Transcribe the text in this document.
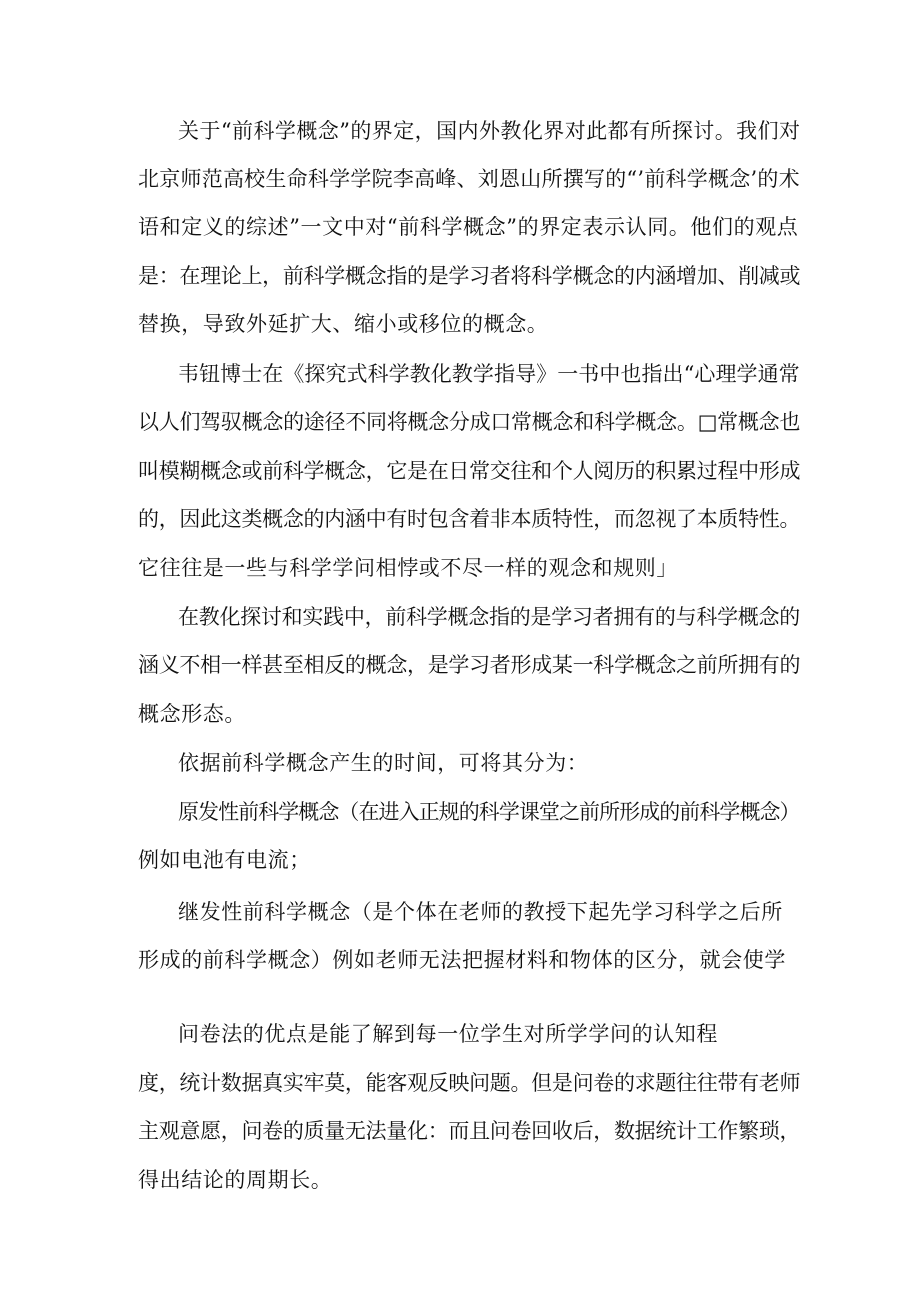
关于“前科学概念”的界定，国内外教化界对此都有所探讨。我们对
北京师范高校生命科学学院李高峰、刘恩山所撰写的“’前科学概念’的术
语和定义的综述”一文中对“前科学概念”的界定表示认同。他们的观点
是：在理论上，前科学概念指的是学习者将科学概念的内涵增加、削减或
替换，导致外延扩大、缩小或移位的概念。
韦钮博士在《探究式科学教化教学指导》一书中也指出“心理学通常
以人们驾驭概念的途径不同将概念分成口常概念和科学概念。□常概念也
叫模糊概念或前科学概念，它是在日常交往和个人阅历的积累过程中形成
的，因此这类概念的内涵中有时包含着非本质特性，而忽视了本质特性。
它往往是一些与科学学问相悖或不尽一样的观念和规则」
在教化探讨和实践中，前科学概念指的是学习者拥有的与科学概念的
涵义不相一样甚至相反的概念，是学习者形成某一科学概念之前所拥有的
概念形态。
依据前科学概念产生的时间，可将其分为：
原发性前科学概念（在进入正规的科学课堂之前所形成的前科学概念）
例如电池有电流；
继发性前科学概念（是个体在老师的教授下起先学习科学之后所
形成的前科学概念）例如老师无法把握材料和物体的区分，就会使学
问卷法的优点是能了解到每一位学生对所学学问的认知程
度，统计数据真实牢莫，能客观反映问题。但是问卷的求题往往带有老师
主观意愿，问卷的质量无法量化：而且问卷回收后，数据统计工作繁琐，
得出结论的周期长。
